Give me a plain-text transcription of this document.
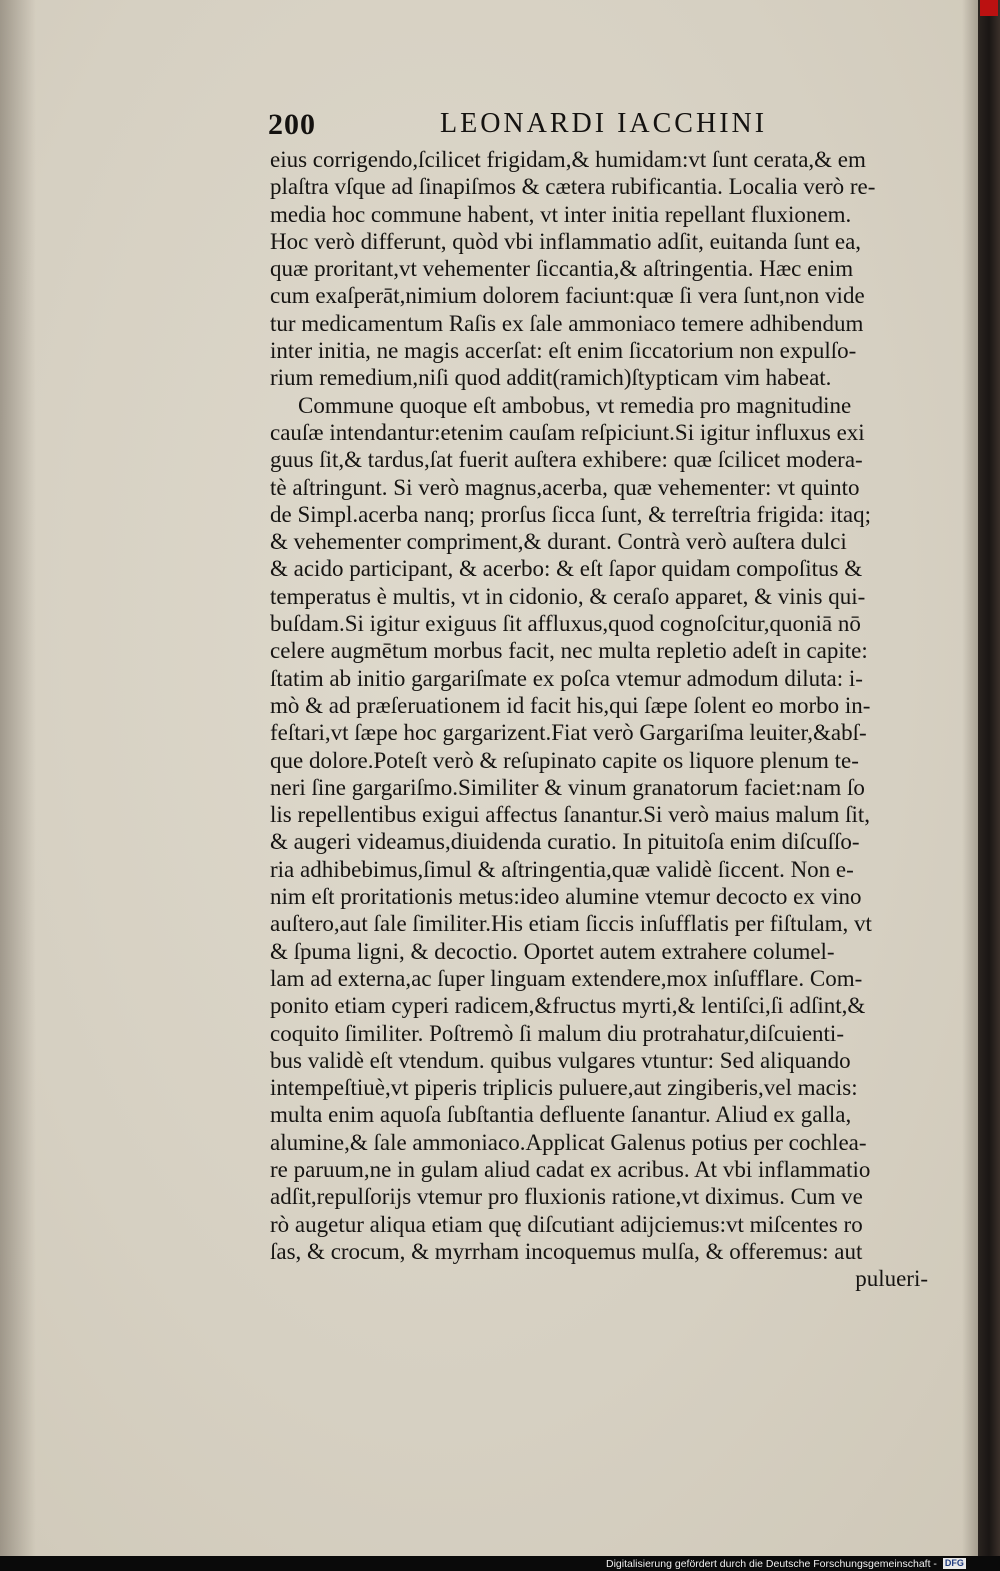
200	LEONARDI IACCHINI
eius corrigendo,ſcilicet frigidam,& humidam:vt ſunt cerata,& em
plaſtra vſque ad ſinapiſmos & cætera rubificantia. Localia verò re-
media hoc commune habent, vt inter initia repellant fluxionem.
Hoc verò differunt, quòd vbi inflammatio adſit, euitanda ſunt ea,
quæ proritant,vt vehementer ſiccantia,& aſtringentia. Hæc enim
cum exaſperāt,nimium dolorem faciunt:quæ ſi vera ſunt,non vide
tur medicamentum Raſis ex ſale ammoniaco temere adhibendum
inter initia, ne magis accerſat: eſt enim ſiccatorium non expulſo-
rium remedium,niſi quod addit(ramich)ſtypticam vim habeat.
Commune quoque eſt ambobus, vt remedia pro magnitudine
cauſæ intendantur:etenim cauſam reſpiciunt.Si igitur influxus exi
guus ſit,& tardus,ſat fuerit auſtera exhibere: quæ ſcilicet modera-
tè aſtringunt. Si verò magnus,acerba, quæ vehementer: vt quinto
de Simpl.acerba nanq; prorſus ſicca ſunt, & terreſtria frigida: itaq;
& vehementer compriment,& durant. Contrà verò auſtera dulci
& acido participant, & acerbo: & eſt ſapor quidam compoſitus &
temperatus è multis, vt in cidonio, & ceraſo apparet, & vinis qui-
buſdam.Si igitur exiguus ſit affluxus,quod cognoſcitur,quoniā nō
celere augmētum morbus facit, nec multa repletio adeſt in capite:
ſtatim ab initio gargariſmate ex poſca vtemur admodum diluta: i-
mò & ad præſeruationem id facit his,qui ſæpe ſolent eo morbo in-
feſtari,vt ſæpe hoc gargarizent.Fiat verò Gargariſma leuiter,&abſ-
que dolore.Poteſt verò & reſupinato capite os liquore plenum te-
neri ſine gargariſmo.Similiter & vinum granatorum faciet:nam ſo
lis repellentibus exigui affectus ſanantur.Si verò maius malum ſit,
& augeri videamus,diuidenda curatio. In pituitoſa enim diſcuſſo-
ria adhibebimus,ſimul & aſtringentia,quæ validè ſiccent. Non e-
nim eſt proritationis metus:ideo alumine vtemur decocto ex vino
auſtero,aut ſale ſimiliter.His etiam ſiccis inſufflatis per fiſtulam, vt
& ſpuma ligni, & decoctio. Oportet autem extrahere columel-
lam ad externa,ac ſuper linguam extendere,mox inſufflare. Com-
ponito etiam cyperi radicem,&fructus myrti,& lentiſci,ſi adſint,&
coquito ſimiliter. Poſtremò ſi malum diu protrahatur,diſcuienti-
bus validè eſt vtendum. quibus vulgares vtuntur: Sed aliquando
intempeſtiuè,vt piperis triplicis puluere,aut zingiberis,vel macis:
multa enim aquoſa ſubſtantia defluente ſanantur. Aliud ex galla,
alumine,& ſale ammoniaco.Applicat Galenus potius per cochlea-
re paruum,ne in gulam aliud cadat ex acribus. At vbi inflammatio
adſit,repulſorijs vtemur pro fluxionis ratione,vt diximus. Cum ve
rò augetur aliqua etiam quę diſcutiant adijciemus:vt miſcentes ro
ſas, & crocum, & myrrham incoquemus mulſa, & offeremus: aut
pulueri-
Digitalisierung gefördert durch die Deutsche Forschungsgemeinschaft - DFG
